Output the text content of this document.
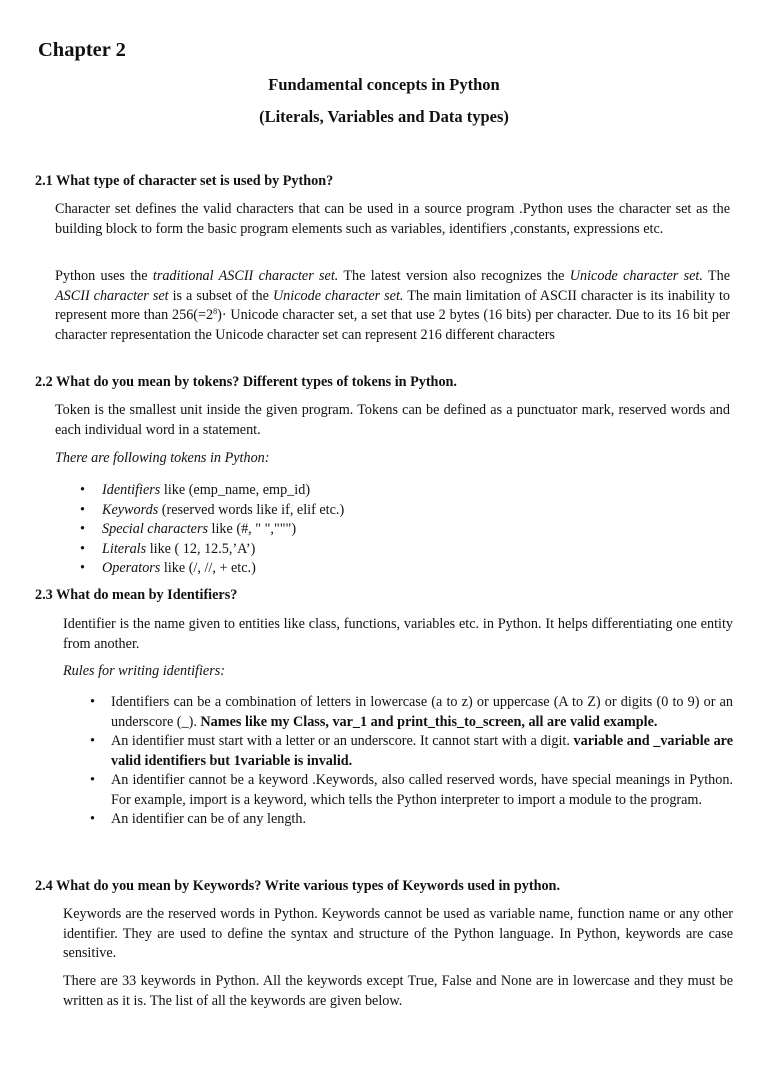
Chapter 2
Fundamental concepts in Python
(Literals, Variables and Data types)
2.1 What type of character set is used by Python?
Character set defines the valid characters that can be used in a source program .Python uses the character set as the building block to form the basic program elements such as variables, identifiers ,constants, expressions etc.
Python uses the traditional ASCII character set. The latest version also recognizes the Unicode character set. The ASCII character set is a subset of the Unicode character set. The main limitation of ASCII character is its inability to represent more than $256(=2^8)\cdot$ Unicode character set, a set that use 2 bytes (16 bits) per character. Due to its 16 bit per character representation the Unicode character set can represent 216 different characters
2.2 What do you mean by tokens? Different types of tokens in Python.
Token is the smallest unit inside the given program. Tokens can be defined as a punctuator mark, reserved words and each individual word in a statement.
There are following tokens in Python:
• Identifiers like (emp_name, emp_id)
• Keywords (reserved words like if, elif etc.)
• Special characters like (#, " ",""")
• Literals like ( 12, 12.5,’A’)
• Operators like (/, //, + etc.)
2.3 What do mean by Identifiers?
Identifier is the name given to entities like class, functions, variables etc. in Python. It helps differentiating one entity from another.
Rules for writing identifiers:
• Identifiers can be a combination of letters in lowercase (a to z) or uppercase (A to Z) or digits (0 to 9) or an underscore (_). Names like my Class, var_1 and print_this_to_screen, all are valid example.
• An identifier must start with a letter or an underscore. It cannot start with a digit. variable and _variable are valid identifiers but 1variable is invalid.
• An identifier cannot be a keyword .Keywords, also called reserved words, have special meanings in Python. For example, import is a keyword, which tells the Python interpreter to import a module to the program.
• An identifier can be of any length.
2.4 What do you mean by Keywords? Write various types of Keywords used in python.
Keywords are the reserved words in Python. Keywords cannot be used as variable name, function name or any other identifier. They are used to define the syntax and structure of the Python language. In Python, keywords are case sensitive.
There are 33 keywords in Python. All the keywords except True, False and None are in lowercase and they must be written as it is. The list of all the keywords are given below.
